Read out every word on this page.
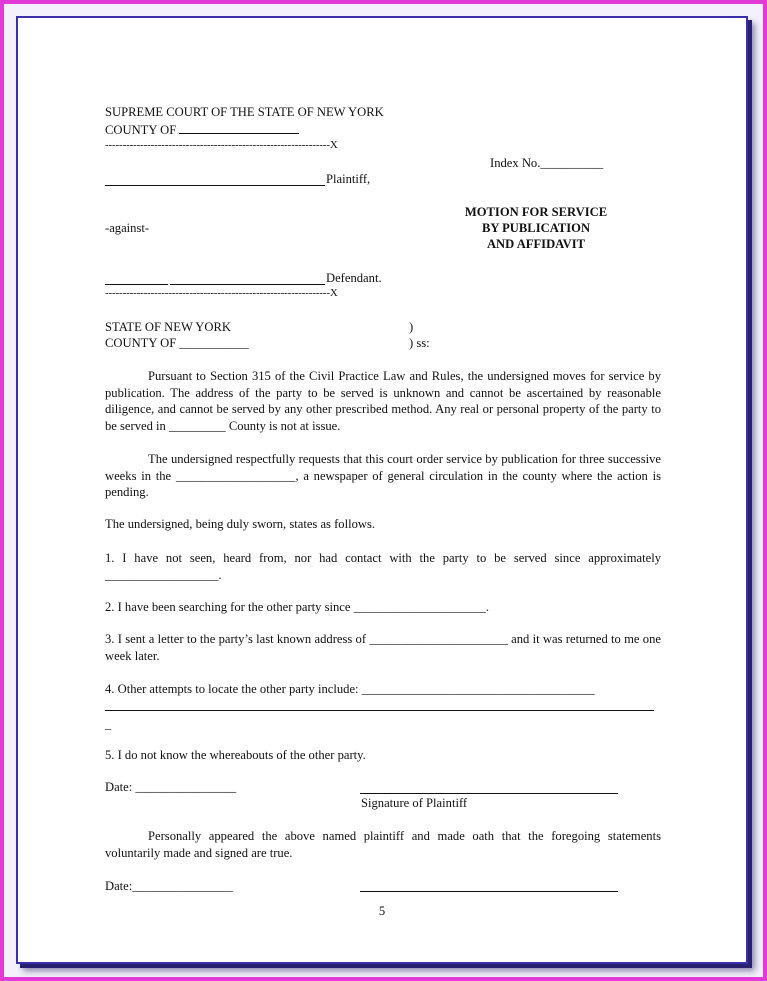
SUPREME COURT OF THE STATE OF NEW YORK
COUNTY OF
----------------------------------------------------------------X
Index No.__________
Plaintiff,
MOTION FOR SERVICE
BY PUBLICATION
AND AFFIDAVIT
-against-
Defendant.
----------------------------------------------------------------X
STATE OF NEW YORK
COUNTY OF ___________
)
) ss:
Pursuant to Section 315 of the Civil Practice Law and Rules, the undersigned moves for service by publication. The address of the party to be served is unknown and cannot be ascertained by reasonable diligence, and cannot be served by any other prescribed method. Any real or personal property of the party to be served in _________ County is not at issue.
The undersigned respectfully requests that this court order service by publication for three successive weeks in the ___________________, a newspaper of general circulation in the county where the action is pending.
The undersigned, being duly sworn, states as follows.
1. I have not seen, heard from, nor had contact with the party to be served since approximately __________________.
2. I have been searching for the other party since _____________________.
3. I sent a letter to the party’s last known address of ______________________ and it was returned to me one week later.
4. Other attempts to locate the other party include: _____________________________________
_
5. I do not know the whereabouts of the other party.
Date: ________________
Signature of Plaintiff
Personally appeared the above named plaintiff and made oath that the foregoing statements voluntarily made and signed are true.
Date:________________
5
